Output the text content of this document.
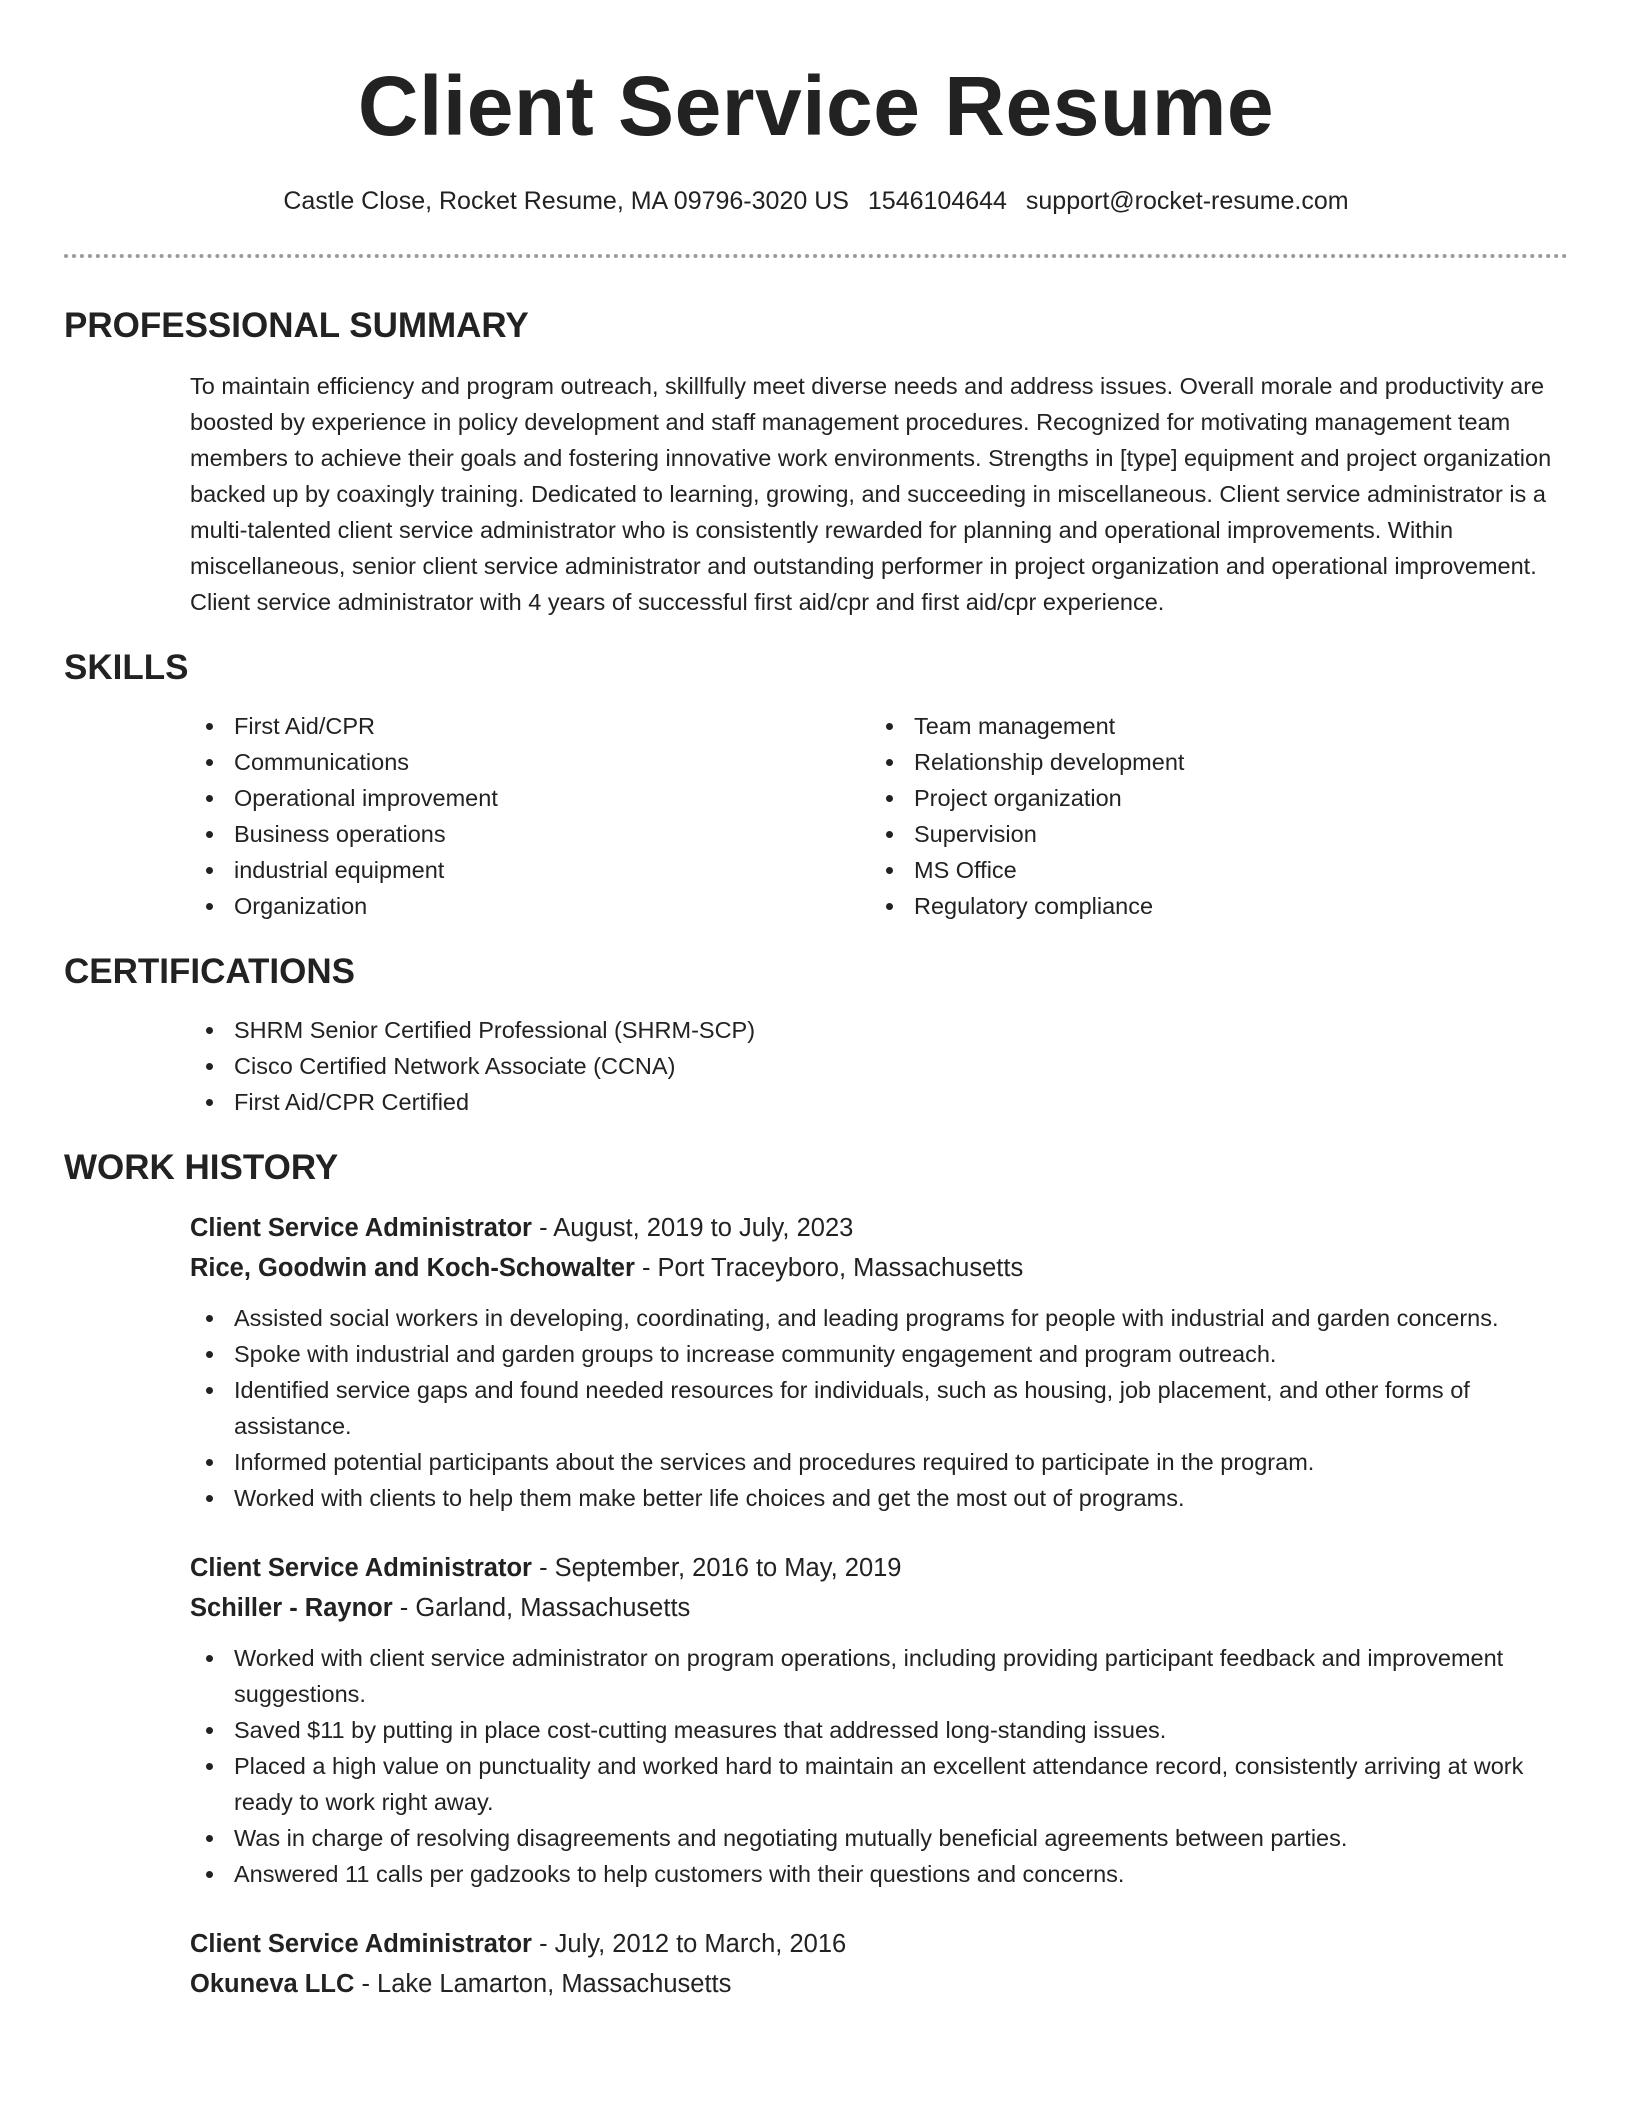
Client Service Resume
Castle Close, Rocket Resume, MA 09796-3020 US 1546104644 support@rocket-resume.com
PROFESSIONAL SUMMARY

To maintain efficiency and program outreach, skillfully meet diverse needs and address issues. Overall morale and productivity are boosted by experience in policy development and staff management procedures. Recognized for motivating management team members to achieve their goals and fostering innovative work environments. Strengths in [type] equipment and project organization backed up by coaxingly training. Dedicated to learning, growing, and succeeding in miscellaneous. Client service administrator is a multi-talented client service administrator who is consistently rewarded for planning and operational improvements. Within miscellaneous, senior client service administrator and outstanding performer in project organization and operational improvement. Client service administrator with 4 years of successful first aid/cpr and first aid/cpr experience.

SKILLS
First Aid/CPR
Communications
Operational improvement
Business operations
industrial equipment
Organization
Team management
Relationship development
Project organization
Supervision
MS Office
Regulatory compliance
CERTIFICATIONS
SHRM Senior Certified Professional (SHRM-SCP)
Cisco Certified Network Associate (CCNA)
First Aid/CPR Certified
WORK HISTORY
Client Service Administrator - August, 2019 to July, 2023
Rice, Goodwin and Koch-Schowalter - Port Traceyboro, Massachusetts
Assisted social workers in developing, coordinating, and leading programs for people with industrial and garden concerns.
Spoke with industrial and garden groups to increase community engagement and program outreach.
Identified service gaps and found needed resources for individuals, such as housing, job placement, and other forms of assistance.
Informed potential participants about the services and procedures required to participate in the program.
Worked with clients to help them make better life choices and get the most out of programs.
Client Service Administrator - September, 2016 to May, 2019
Schiller - Raynor - Garland, Massachusetts
Worked with client service administrator on program operations, including providing participant feedback and improvement suggestions.
Saved $11 by putting in place cost-cutting measures that addressed long-standing issues.
Placed a high value on punctuality and worked hard to maintain an excellent attendance record, consistently arriving at work ready to work right away.
Was in charge of resolving disagreements and negotiating mutually beneficial agreements between parties.
Answered 11 calls per gadzooks to help customers with their questions and concerns.
Client Service Administrator - July, 2012 to March, 2016
Okuneva LLC - Lake Lamarton, Massachusetts
